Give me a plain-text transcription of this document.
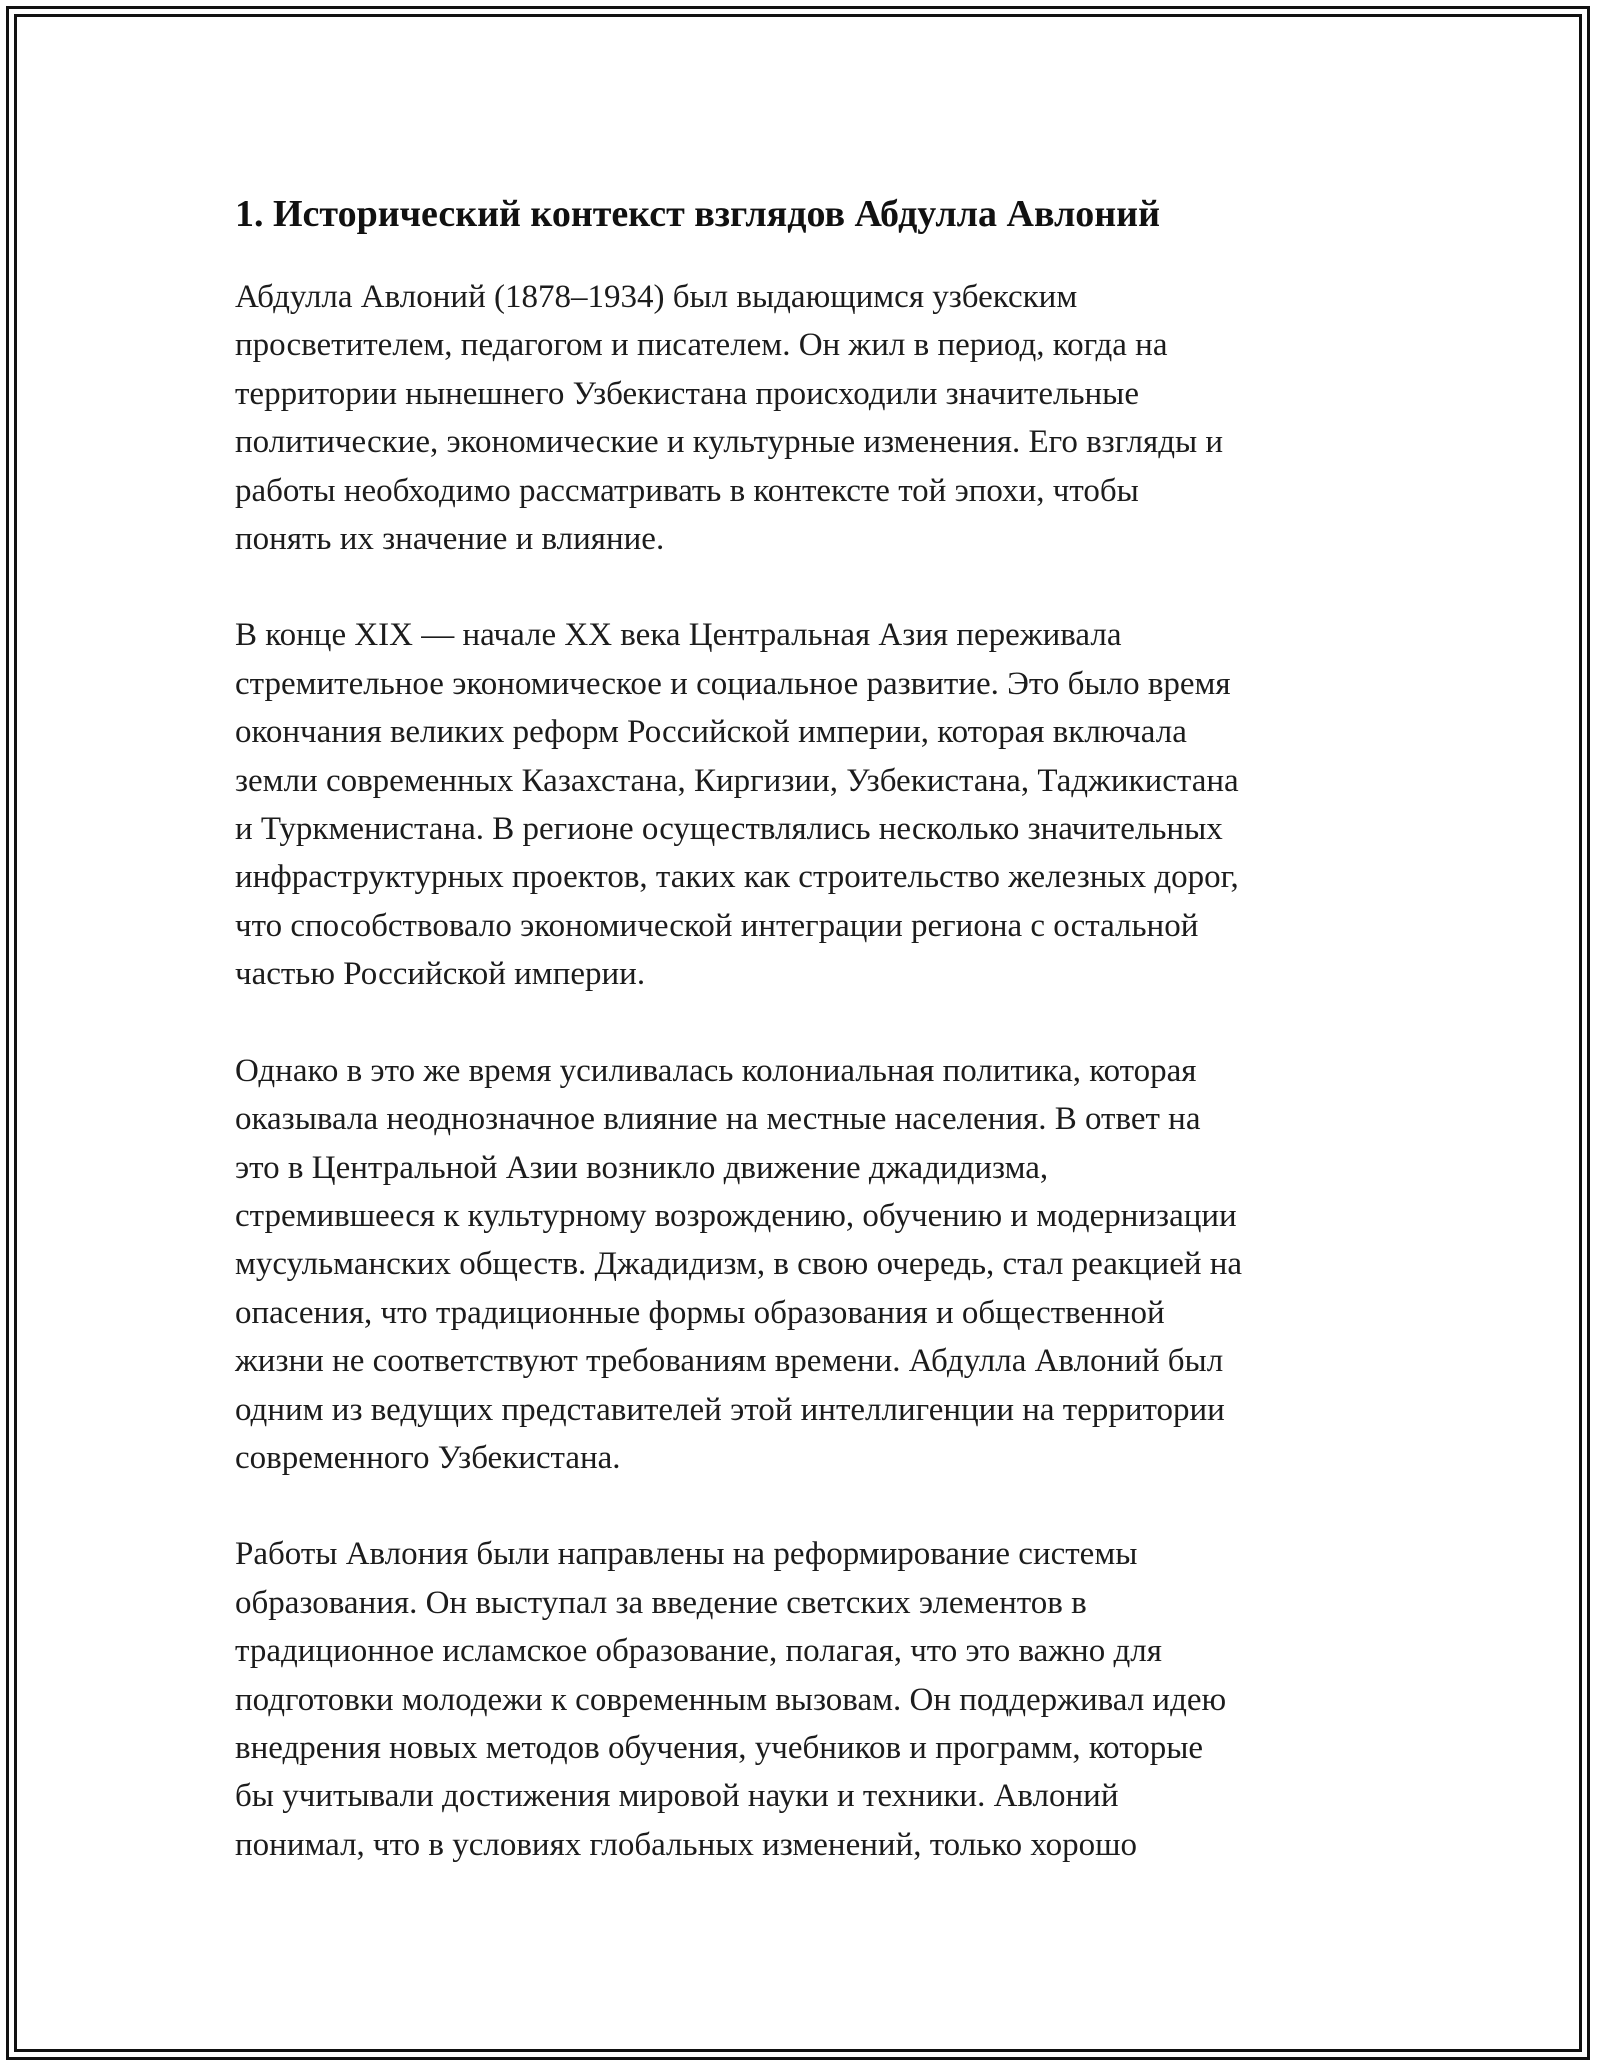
1. Исторический контекст взглядов Абдулла Авлоний

Абдулла Авлоний (1878–1934) был выдающимся узбекским
просветителем, педагогом и писателем. Он жил в период, когда на
территории нынешнего Узбекистана происходили значительные
политические, экономические и культурные изменения. Его взгляды и
работы необходимо рассматривать в контексте той эпохи, чтобы
понять их значение и влияние.

В конце XIX — начале XX века Центральная Азия переживала
стремительное экономическое и социальное развитие. Это было время
окончания великих реформ Российской империи, которая включала
земли современных Казахстана, Киргизии, Узбекистана, Таджикистана
и Туркменистана. В регионе осуществлялись несколько значительных
инфраструктурных проектов, таких как строительство железных дорог,
что способствовало экономической интеграции региона с остальной
частью Российской империи.

Однако в это же время усиливалась колониальная политика, которая
оказывала неоднозначное влияние на местные населения. В ответ на
это в Центральной Азии возникло движение джадидизма,
стремившееся к культурному возрождению, обучению и модернизации
мусульманских обществ. Джадидизм, в свою очередь, стал реакцией на
опасения, что традиционные формы образования и общественной
жизни не соответствуют требованиям времени. Абдулла Авлоний был
одним из ведущих представителей этой интеллигенции на территории
современного Узбекистана.

Работы Авлония были направлены на реформирование системы
образования. Он выступал за введение светских элементов в
традиционное исламское образование, полагая, что это важно для
подготовки молодежи к современным вызовам. Он поддерживал идею
внедрения новых методов обучения, учебников и программ, которые
бы учитывали достижения мировой науки и техники. Авлоний
понимал, что в условиях глобальных изменений, только хорошо
